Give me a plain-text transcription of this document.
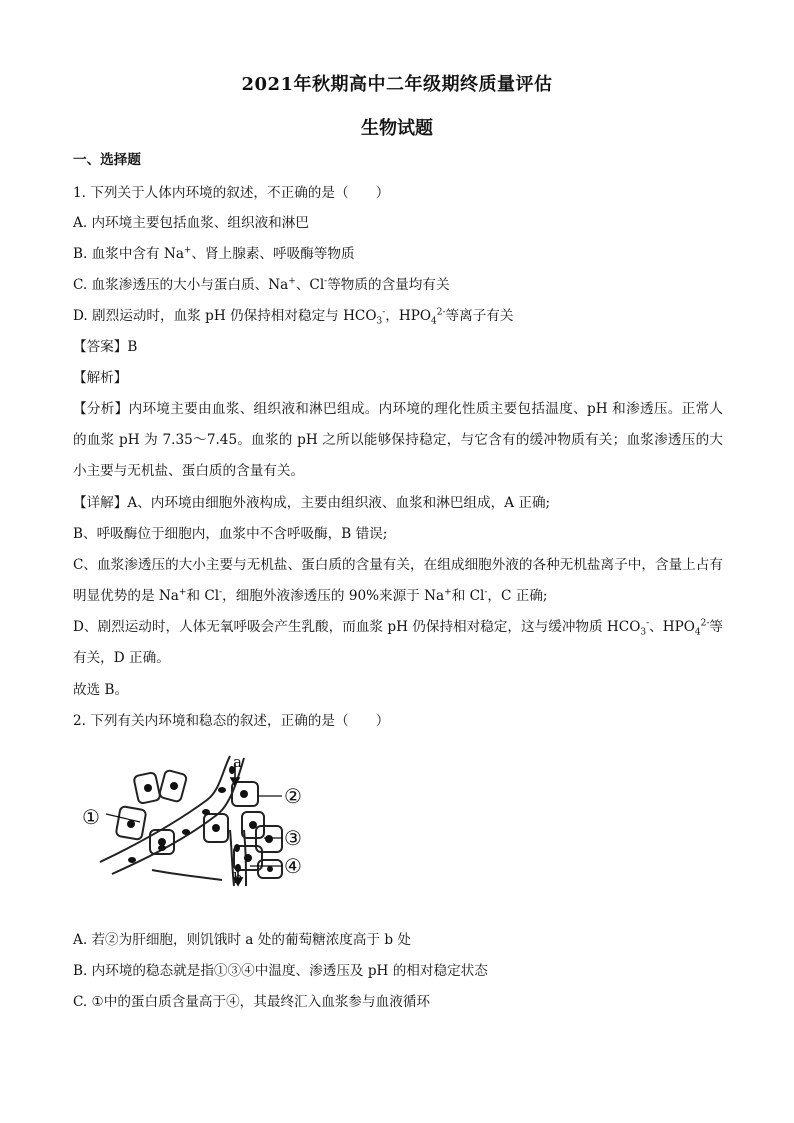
2021年秋期高中二年级期终质量评估
生物试题
一、选择题
1. 下列关于人体内环境的叙述，不正确的是（　　）
A. 内环境主要包括血浆、组织液和淋巴
B. 血浆中含有 Na+、肾上腺素、呼吸酶等物质
C. 血浆渗透压的大小与蛋白质、Na+、Cl-等物质的含量均有关
D. 剧烈运动时，血浆 pH 仍保持相对稳定与 $HCO_3^-$，$HPO_4^{2-}$等离子有关
【答案】B
【解析】
【分析】内环境主要由血浆、组织液和淋巴组成。内环境的理化性质主要包括温度、pH 和渗透压。正常人的血浆 pH 为 7.35～7.45。血浆的 pH 之所以能够保持稳定，与它含有的缓冲物质有关；血浆渗透压的大小主要与无机盐、蛋白质的含量有关。
【详解】A、内环境由细胞外液构成，主要由组织液、血浆和淋巴组成，A 正确;
B、呼吸酶位于细胞内，血浆中不含呼吸酶，B 错误;
C、血浆渗透压的大小主要与无机盐、蛋白质的含量有关，在组成细胞外液的各种无机盐离子中，含量上占有明显优势的是 Na+和 Cl-，细胞外液渗透压的 90%来源于 Na+和 Cl-，C 正确;
D、剧烈运动时，人体无氧呼吸会产生乳酸，而血浆 pH 仍保持相对稳定，这与缓冲物质 $HCO_3^-$、$HPO_4^{2-}$等有关，D 正确。
故选 B。
2. 下列有关内环境和稳态的叙述，正确的是（　　）
a
b
①
②
③
④
A. 若②为肝细胞，则饥饿时 a 处的葡萄糖浓度高于 b 处
B. 内环境的稳态就是指①③④中温度、渗透压及 pH 的相对稳定状态
C. ①中的蛋白质含量高于④，其最终汇入血浆参与血液循环
